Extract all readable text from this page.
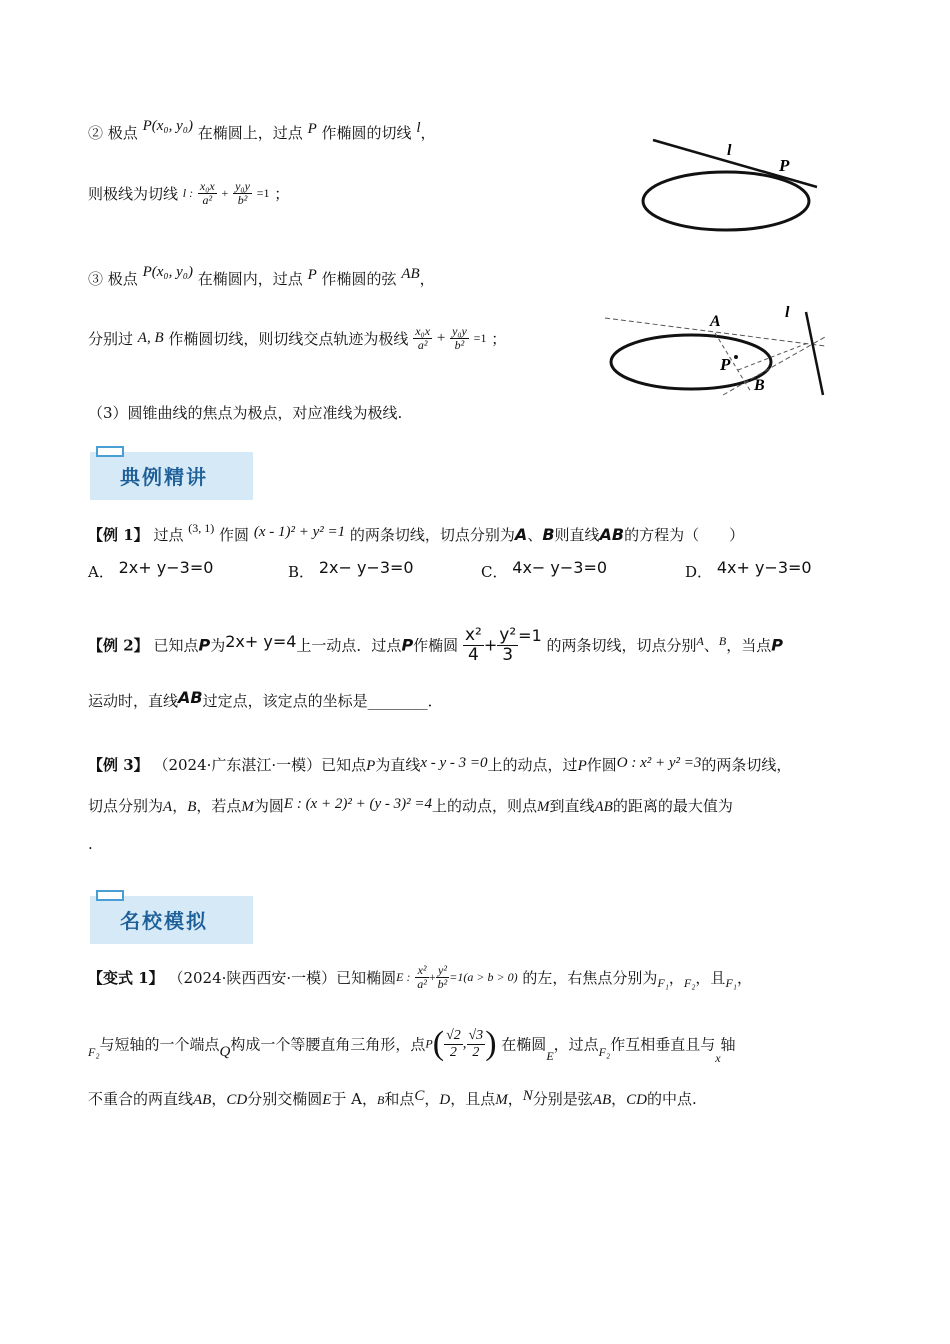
② 极点 P(x₀, y₀) 在椭圆上，过点 P 作椭圆的切线 l，
则极线为切线 l : $\frac{\text{x₀x}}{\text{a²}} + \frac{\text{y₀y}}{\text{b²}} =1$ ；
l
P
③ 极点 P(x₀, y₀) 在椭圆内，过点 P 作椭圆的弦 AB，
分别过 A, B 作椭圆切线，则切线交点轨迹为极线 $\frac{\text{x₀x}}{\text{a²}} + \frac{\text{y₀y}}{\text{b²}} =1$ ；
A
P
B
l
（3）圆锥曲线的焦点为极点，对应准线为极线.
典例精讲
【例 1】 过点 $^{(3, 1)}$ 作圆 (x - 1)² + y² =1 的两条切线，切点分别为A、B则直线AB的方程为（　　）
A． 2x+ y−3=0	B． 2x− y−3=0	C． 4x− y−3=0	D． 4x+ y−3=0
【例 2】 已知点P为2x+ y=4上一动点．过点P作椭圆 $\frac{\text{x²}}{4} + \frac{\text{y²}}{3} =1$ 的两条切线，切点分别$^A$、$^B$，当点P
运动时，直线AB过定点，该定点的坐标是________．
【例 3】 （2024·广东湛江·一模）已知点P为直线x - y - 3 =0上的动点，过P作圆O : x² + y² =3的两条切线，
切点分别为A，B，若点M为圆E : (x + 2)² + (y - 3)² =4上的动点，则点M到直线AB的距离的最大值为
.
名校模拟
【变式 1】 （2024·陕西西安·一模）已知椭圆E : $\frac{\text{x²}}{\text{a²}} + \frac{\text{y²}}{\text{b²}} =1(a > b > 0)$ 的左，右焦点分别为$_{F_1}$，$_{F_2}$，且$_{F_1}$，
$_{F_2}$与短轴的一个端点Q构成一个等腰直角三角形，点$P( \frac{√2}{2}$ , $\frac{√3}{2}$ ) 在椭圆$_E$，过点$_{F_2}$作互相垂直且与$_x$轴
不重合的两直线AB，CD分别交椭圆E于 A，B和点C，D，且点M，N分别是弦AB，CD的中点.
